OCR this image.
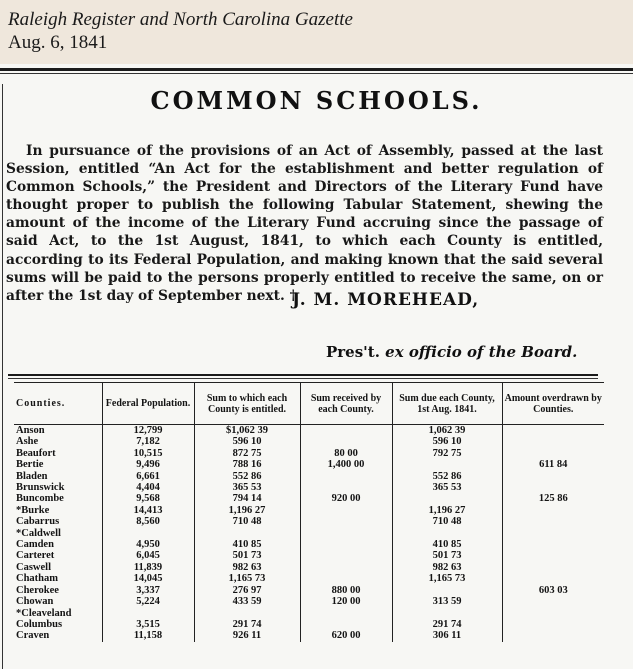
Raleigh Register and North Carolina Gazette
Aug. 6, 1841
COMMON SCHOOLS.

In pursuance of the provisions of an Act of Assembly, passed at the last Session, entitled “An Act for the establishment and better regulation of Common Schools,” the President and Directors of the Literary Fund have thought proper to publish the following Tabular Statement, shewing the amount of the income of the Literary Fund accruing since the passage of said Act, to the 1st August, 1841, to which each County is entitled, according to its Federal Population, and making known that the said several sums will be paid to the persons properly entitled to receive the same, on or after the 1st day of September next. †

J. M. MOREHEAD,
Pres't. ex officio of the Board.
Counties.	Federal Population.	Sum to which each County is entitled.	Sum received by each County.	Sum due each County, 1st Aug. 1841.	Amount overdrawn by Counties.
Anson	12,799	$1,062 39		1,062 39	
Ashe	7,182	596 10		596 10	
Beaufort	10,515	872 75	80 00	792 75	
Bertie	9,496	788 16	1,400 00		611 84
Bladen	6,661	552 86		552 86	
Brunswick	4,404	365 53		365 53	
Buncombe	9,568	794 14	920 00		125 86
*Burke	14,413	1,196 27		1,196 27	
Cabarrus	8,560	710 48		710 48	
*Caldwell					
Camden	4,950	410 85		410 85	
Carteret	6,045	501 73		501 73	
Caswell	11,839	982 63		982 63	
Chatham	14,045	1,165 73		1,165 73	
Cherokee	3,337	276 97	880 00		603 03
Chowan	5,224	433 59	120 00	313 59	
*Cleaveland					
Columbus	3,515	291 74		291 74	
Craven	11,158	926 11	620 00	306 11	
